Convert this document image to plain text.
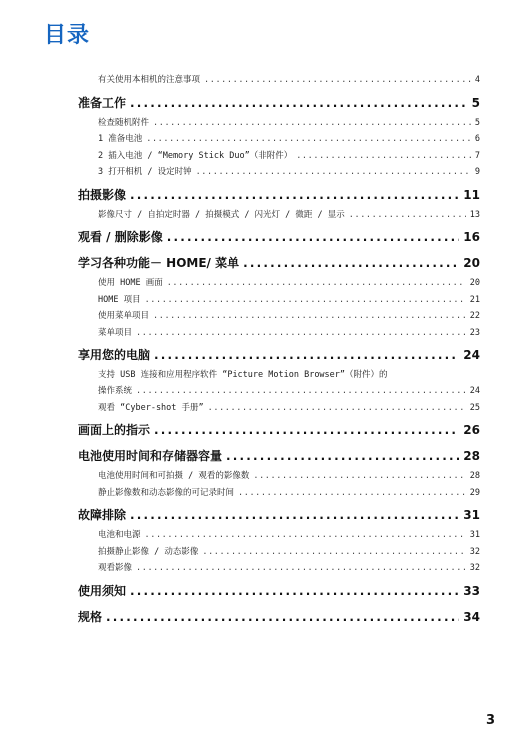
目录
有关使用本相机的注意事项 .....	4
准备工作 .....	5
检查随机附件 .....	5
1 准备电池 .....	6
2 插入电池 / “Memory Stick Duo”（非附件） .....	7
3 打开相机 / 设定时钟 .....	9
拍摄影像 .....	11
影像尺寸 / 自拍定时器 / 拍摄模式 / 闪光灯 / 微距 / 显示 .....	13
观看 / 删除影像 .....	16
学习各种功能－ HOME/ 菜单 .....	20
使用 HOME 画面 .....	20
HOME 项目 .....	21
使用菜单项目 .....	22
菜单项目 .....	23
享用您的电脑 .....	24
支持 USB 连接和应用程序软件 “Picture Motion Browser”（附件）的
操作系统 .....	24
观看 “Cyber-shot 手册” .....	25
画面上的指示 .....	26
电池使用时间和存储器容量 .....	28
电池使用时间和可拍摄 / 观看的影像数 .....	28
静止影像数和动态影像的可记录时间 .....	29
故障排除 .....	31
电池和电源 .....	31
拍摄静止影像 / 动态影像 .....	32
观看影像 .....	32
使用须知 .....	33
规格 .....	34
3
